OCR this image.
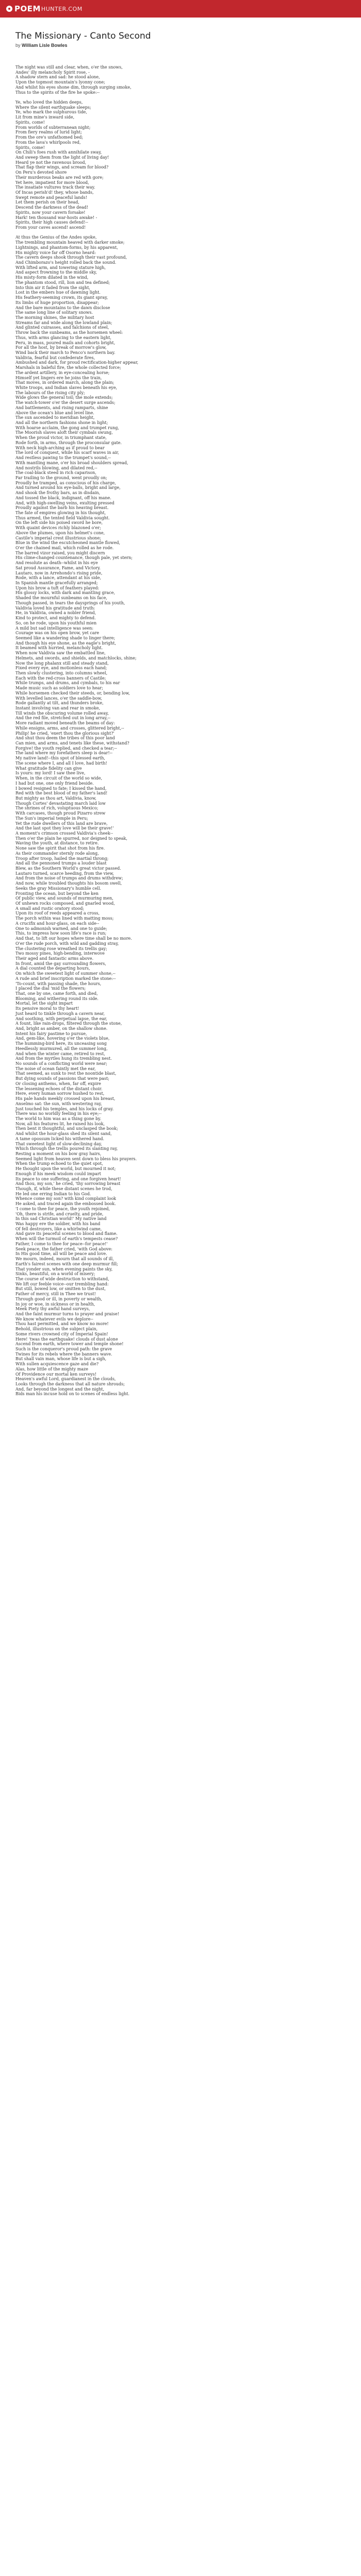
POEM HUNTER.COM
The Missionary - Canto Second
by William Lisle Bowles
The night was still and clear, when, o'er the snows,
Andes' illy melancholy Spirit rose, -
A shadow stern and sad: he stood alone,
Upon the topmost mountain's lyonny cone;
And whilst his eyes shone dim, through surging smoke,
Thus to the spirits of the fire he spoke:--
Ye, who loved the hidden deeps,
Where the silent earthquake sleeps;
Ye, who mark the sulphurous tide,
Lit from mine's inward side,
Spirits, come!
From worlds of subterranean night;
From fiery realms of lurid light;
From the ore's unfathomed bed;
From the lava's whirlpools red,
Spirits, come!
On Chili's foes rush with annihilate sway,
And sweep them from the light of living day!
Heard ye not the ravenous brood,
That flap their wings, and scream for blood?
On Peru's devoted shore
Their murderous beaks are red with gore;
Yet here, impatient for more blood,
The insatiate vultures track their way.
Of Incas perish'd! they, whose bands,
Swept remote and peaceful lands!
Let them perish on their head,
Descend the darkness of the dead!
Spirits, now your cavern forsake!
Hark! ten thousand war-hosts awake! -
Spirits, their high causes defend!--
From your caves ascend! ascend!
At thus the Genius of the Andes spoke,
The trembling mountain heaved with darker smoke;
Lightnings, and phantom-forms, by his apparent,
His mighty voice far off Osorno heard:
The cavern deeps shook through their vast profound,
And Chimborazo's height rolled back the sound.
With lifted arm, and towering stature high,
And aspect frowning to the middle sky,
His misty-form dilated in the wind,
The phantom stood, rill, lion and tea defined;
Into thin air it faded from the sight,
Lost in the embers hue of dawning light.
His feathery-seeming crown, its giant spray,
Its limbs of huge proportion, disappear;
And the bare mountains to the dawn disclose
The same long line of solitary snows.
The morning shines, the military host
Streams far and wide along the lowland plain;
And glinted cuirasses, and falchions of steel,
Throw back the sunbeams, as the horsemen wheel:
Thus, with arms glancing to the eastern light,
Peru, in mass, poured mails and cohorts bright,
For all the host, by break of morrow's glow,
Wind back their march to Penco's northern bay.
Valdivia, fearful but confederate fires,
Ambushed and dark, for proud rectification-higher appear,
Marshals in baleful fire, the whole collected force;
The ardent artillery, in eye-concealing horse;
Himself yet lingers ere he joins the train,
That moves, in ordered march, along the plain;
White troops, and Indian slaves beneath his eye,
The labours of the rising city ply;
Wide glows the general toil; the mole extends;
The watch-tower o'er the desert surge ascends;
And battlements, and rising ramparts, shine
Above the ocean's blue and level line.
The sun ascended to meridian height,
And all the northern fashions shone in light;
With hoarse acclaim, the gong and trumpet rung,
The Moorish slaves aloft their cymbals swung,
When the proud victor, in triumphant state,
Rode forth, in arms, through the proconsular gate.
With neck high-arching as if proud to bear
The lord of conquest, while his scarf waves in air,
And restless pawing to the trumpet's sound,--
With mantling mane, o'er his broad shoulders spread,
And nostrils blowing, and dilated red,--
The coal-black steed in rich caparison,
Far trailing to the ground, went proudly on;
Proudly he tramped, as conscious of his charge,
And turned around his eye-balls, bright and large,
And shook the frothy bars, as in disdain,
And tossed the black, indignant, off his mane.
And, with high-swelling veins, exulting pressed
Proudly against the barb his heaving breast.
The fate of empires glowing in his thought,
Thus armed, the tented field Valdivia sought.
On the left side his poised sword he bore,
With quaint devices richly blazoned o'er;
Above the plumes, upon his helmet's cone,
Castile's imperial crest illustrious shone;
Blue in the wind the escutcheoned mantle flowed,
O'er the chained mail, which rolled as he rode.
The barred vizor raised, you might discern
His clime-changed countenance, though pale, yet stern;
And resolute as death--whilst in his eye
Sat proud Assurance, Fame, and Victory.
Lautaro, now in Arrehondo's rising pride,
Rode, with a lance, attendant at his side,
In Spanish mantle gracefully arranged;
Upon his brow a tuft of feathers played:
His glossy locks, with dark and mantling grace,
Shaded the mournful sunbeams on his face,
Though passed, in tears the daysprings of his youth,
Valdivia loved his gratitude and truth:
He, in Valdivia, owned a nobler friend,
Kind to protect, and mighty to defend.
So, on he rode, upon his youthful mien
A mild but sad intelligence was seen:
Courage was on his open brow, yet care
Seemed like a wandering shade to linger there;
And though his eye shone, as the eagle's bright,
It beamed with hurried, melancholy light.
When now Valdivia saw the embattled line,
Helmets, and swords, and shields, and matchlocks, shine;
Now the long phalanx still and steady stand,
Fixed every eye, and motionless each hand;
Then slowly clustering, into columns wheel,
Each with the red-cross banners of Castile;
While trumps, and drums, and cymbals, to his ear
Made music such as soldiers love to hear;
While horsemen checked their steeds, or, bending low,
With levelled lances, o'er the saddle-bow,
Rode gallantly at tilt, and thunders broke,
Instant involving van and rear in smoke,
Till winds the obscuring volume rolled away,
And the red file, stretched out in long array,--
More radiant moved beneath the beams of day:
While ensigns, arms, and crosses, glittered bright,--
Philip! he cried, 'exert thou the glorious sight?'
And shut thou deem the tribes of this poor land
Can mien, and arms, and tenets like these, withstand?
Forgive! the youth replied, and checked a tear;--
The land where my forefathers sleep is dear!--
My native land!--this spot of blessed earth,
The scene where I, and all I love, had birth!
What gratitude fidelity can give
Is yours: my lord! I saw thee live,
When, in the circuit of the world so wide,
I had but one, one only friend beside.
I bowed resigned to fate; I kissed the hand,
Red with the best blood of my father's land!
But mighty as thou art, Valdivia, know,
Though Cortes' devastating march laid low
The shrines of rich, voluptuous Mexico;
With carcases, though proud Pizarro strew
The Sun's imperial temple in Peru;
Yet the rude dwellers of this land are brave,
And the last spot they love will be their grave!'
A moment's crimson crossed Valdivia's cheek--
Then o'er the plain he spurred, nor deigned to speak,
Waving the youth, at distance, to retire.
None saw the spirit that shot from his fire.
As their commander sternly rode along,
Troop after troop, hailed the martial throng;
And all the pennoned trumps a louder blast
Blew, as the Southern World's great victor passed.
Lautaro turned, scarce heeding, from the view,
And from the noise of trumps and drums withdrew;
And now, while troubled thoughts his bosom swell,
Seeks the gray Missionary's humble cell.
Fronting the ocean, but beyond the ken
Of public view, and sounds of murmuring men,
Of unhewn rocks composed, and gnarled wood,
A small and rustic oratory stood;
Upon its roof of reeds appeared a cross,
The porch within was lined with matting moss;
A crucifix and hour-glass, on each side--
One to admonish warned, and one to guide;
This, to impress how soon life's race is run;
And that, to lift our hopes where time shall be no more.
O'er the rude porch, with wild and gadding stray,
The clustering rose wreathed its trellis gay;
Two mossy pines, high-bending, interwove
Their aged and fantastic arms above.
In front, amid the gay surrounding flowers,
A dial counted the departing hours,
On which the sweetest light of summer shone,--
A rude and brief inscription marked the stone:--
'To-count, with passing shade, the hours,
I placed the dial 'mid the flowers;
That, one by one, came forth, and died,
Blooming, and withering round its side.
Mortal, let the sight impart
Its pensive moral to thy heart!
Just heard to tinkle through a cavern near,
And soothing, with perpetual lapse, the ear,
A fount, like rain-drops, filtered through the stone,
And, bright as amber, on the shallow shone.
Intent his fairy pastime to pursue,
And, gem-like, hovering o'er the violets blue,
The humming-bird here, its unceasing song
Heedlessly murmured, all the summer long,
And when the winter came, retired to rest,
And from the myrtles hung its trembling nest.
No sounds of a conflicting world were near;
The noise of ocean faintly met the ear,
That seemed, as sunk to rest the noontide blast,
But dying sounds of passions that were past;
Or closing anthems, when, far off, expire
The lessening echoes of the distant choir.
Here, every human sorrow hushed to rest,
His pale hands meekly crossed upon his breast,
Anselmo sat: the sun, with westering ray,
Just touched his temples, and his locks of gray.
There was no worldly feeling in his eye;--
The world to him was as a thing gone by.
Now, all his features lit, he raised his look,
Then bent it thoughtful, and unclasped the book;
And whilst the hour-glass shed its silent sand,
A tame opossum licked his withered hand.
That sweetest light of slow-declining day,
Which through the trellis poured its slanting ray,
Resting a moment on his bow gray hairs,
Seemed light from heaven sent down to bless his prayers.
When the trump echoed to the quiet spot,
He thought upon the world, but mourned it not;
Enough if his meek wisdom could impart
Its peace to one suffering, and one forgiven heart!
And thou, my son,' he cried, 'thy sorrowing breast
Though, if, while these distant scenes he trod,
He led one erring Indian to his God.
Whence come my son? with kind complaint look
He asked, and traced again the embossed book.
'I come to thee for peace, the youth rejoined,
'Oh, there is strife, and cruelty, and pride,
In this sad Christian world!' My native land
Was happy ere the soldier, with his band
Of fell destroyers, like a whirlwind came,
And gave its peaceful scenes to blood and flame.
When will the turmoil of earth's tempests cease?
Father, I come to thee for peace--for peace!'
Seek peace, the father cried, 'with God above:
In His good time, all will be peace and love.
We mourn, indeed, mourn that all sounds of ill,
Earth's fairest scenes with one deep murmur fill;
That yonder sun, when evening paints the sky,
Sinks, beautiful, on a world of misery;
The course of wide destruction to withstand,
We lift our feeble voice--our trembling hand:
But still, bowed low, or smitten to the dust,
Father of mercy, still in Thee we trust!
Through good or ill, in poverty or wealth,
In joy or woe, in sickness or in health,
Meek Piety thy awful hand surveys,
And the faint murmur turns to prayer and praise!
We know whatever evils we deplore--
Thou hast permitted, and we know no more!
Behold, illustrious on the subject plain,
Some rivers crowned city of Imperial Spain!
Here! 'twas the earthquake! clouds of dust alone
Ascend from earth, where tower and temple shone!
Such is the conqueror's proud path: the grave
Twines for its rebels where the banners wave.
But shall vain man, whose life is but a sigh,
With sullen acquiescence gaze and die?
Alas, how little of the mighty maze
Of Providence our mortal ken surveys!
Heaven's awful Lord, guardianest in the clouds,
Looks through the darkness that all nature shrouds;
And, far beyond the longest and the night,
Bids man his incuse hold on to scenes of endless light.
